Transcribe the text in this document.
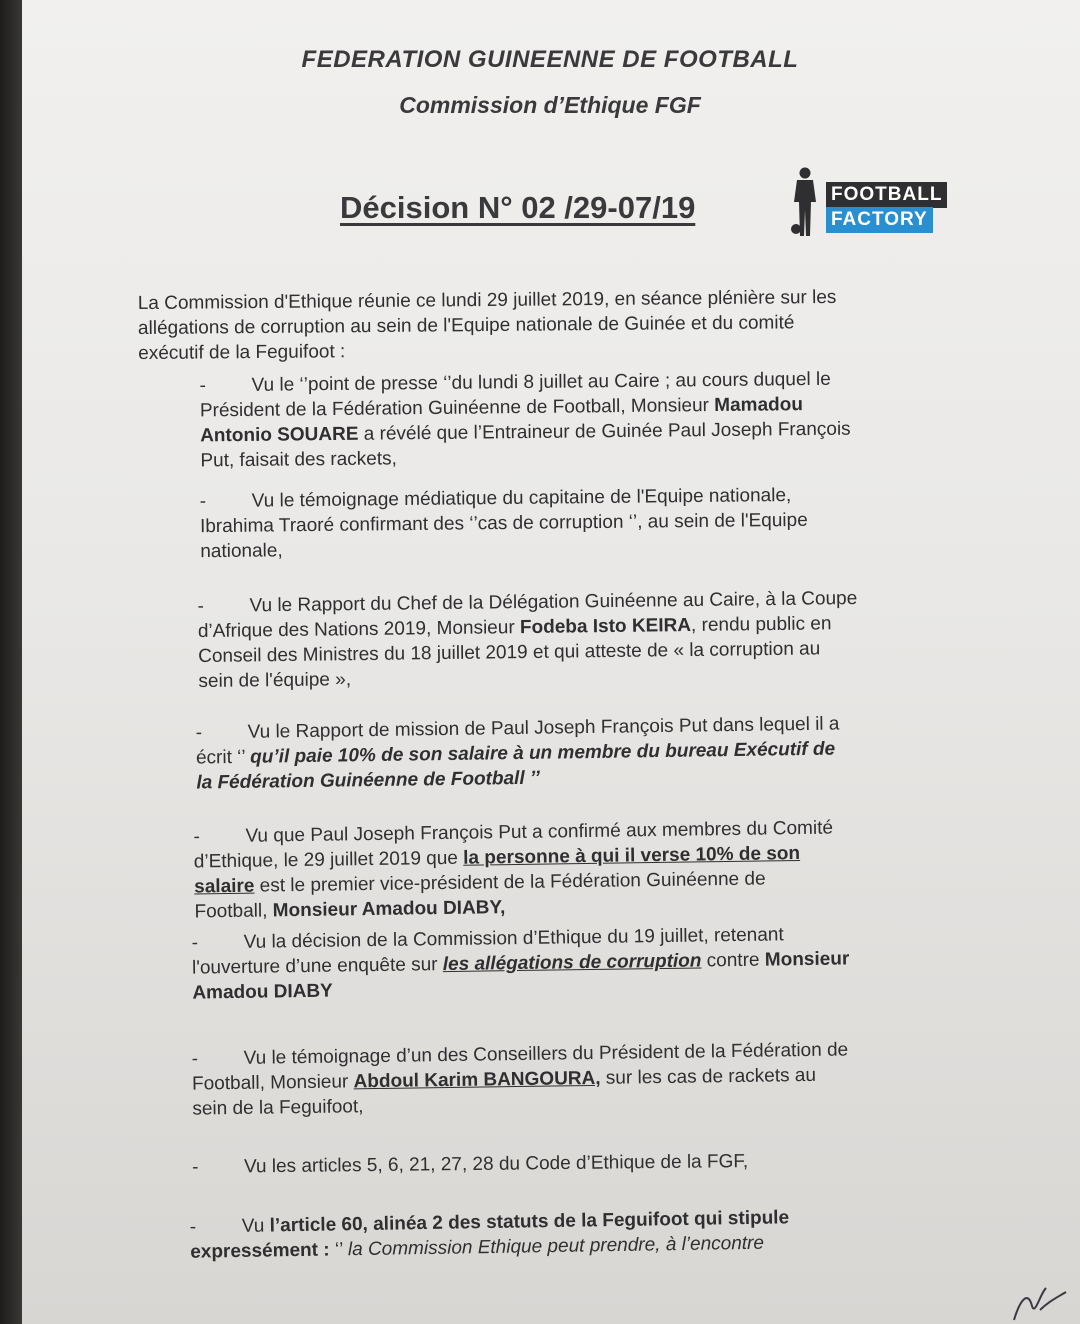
FEDERATION GUINEENNE DE FOOTBALL
Commission d’Ethique FGF
Décision N° 02 /29-07/19	FOOTBALL
FACTORY
La Commission d'Ethique réunie ce lundi 29 juillet 2019, en séance plénière sur les
allégations de corruption au sein de l'Equipe nationale de Guinée et du comité
exécutif de la Feguifoot :
- Vu le ‘’point de presse ‘’du lundi 8 juillet au Caire ; au cours duquel le
Président de la Fédération Guinéenne de Football, Monsieur Mamadou
Antonio SOUARE a révélé que l’Entraineur de Guinée Paul Joseph François
Put, faisait des rackets,
- Vu le témoignage médiatique du capitaine de l'Equipe nationale,
Ibrahima Traoré confirmant des ‘’cas de corruption ‘’, au sein de l'Equipe
nationale,
- Vu le Rapport du Chef de la Délégation Guinéenne au Caire, à la Coupe
d’Afrique des Nations 2019, Monsieur Fodeba Isto KEIRA, rendu public en
Conseil des Ministres du 18 juillet 2019 et qui atteste de « la corruption au
sein de l'équipe »,
- Vu le Rapport de mission de Paul Joseph François Put dans lequel il a
écrit ‘’ qu’il paie 10% de son salaire à un membre du bureau Exécutif de
la Fédération Guinéenne de Football ’’
- Vu que Paul Joseph François Put a confirmé aux membres du Comité
d’Ethique, le 29 juillet 2019 que la personne à qui il verse 10% de son
salaire est le premier vice-président de la Fédération Guinéenne de
Football, Monsieur Amadou DIABY,
- Vu la décision de la Commission d’Ethique du 19 juillet, retenant
l'ouverture d’une enquête sur les allégations de corruption contre Monsieur
Amadou DIABY
- Vu le témoignage d’un des Conseillers du Président de la Fédération de
Football, Monsieur Abdoul Karim BANGOURA, sur les cas de rackets au
sein de la Feguifoot,
- Vu les articles 5, 6, 21, 27, 28 du Code d’Ethique de la FGF,
- Vu l’article 60, alinéa 2 des statuts de la Feguifoot qui stipule
expressément : ‘’ la Commission Ethique peut prendre, à l’encontre
